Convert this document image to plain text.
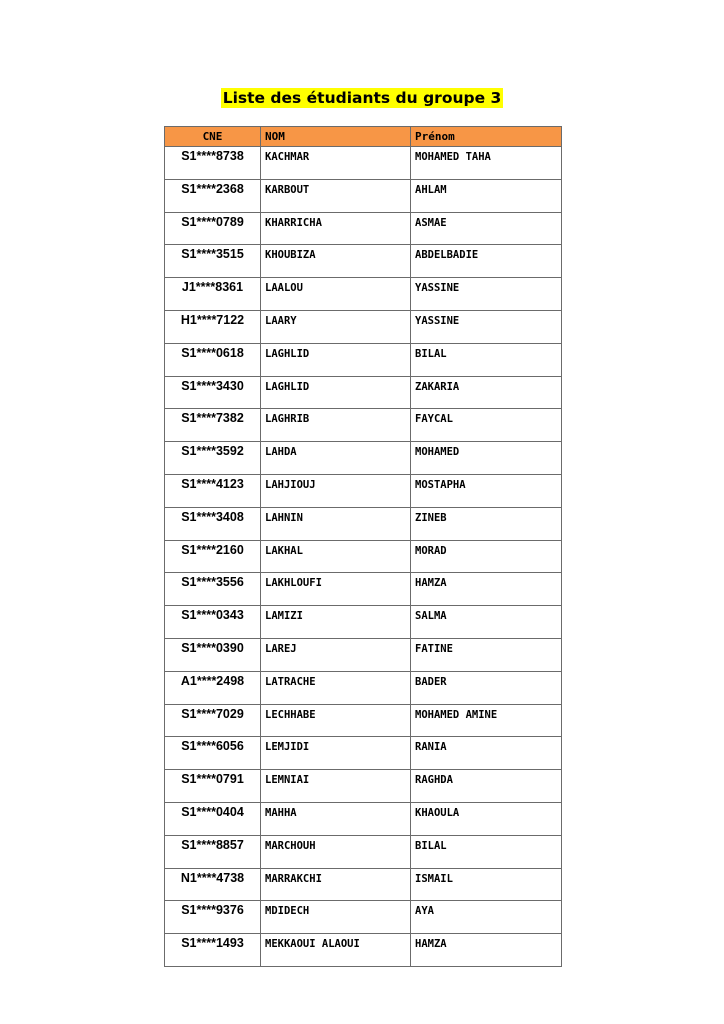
Liste des étudiants du groupe 3
CNE	NOM	Prénom
S1****8738	KACHMAR	MOHAMED TAHA
S1****2368	KARBOUT	AHLAM
S1****0789	KHARRICHA	ASMAE
S1****3515	KHOUBIZA	ABDELBADIE
J1****8361	LAALOU	YASSINE
H1****7122	LAARY	YASSINE
S1****0618	LAGHLID	BILAL
S1****3430	LAGHLID	ZAKARIA
S1****7382	LAGHRIB	FAYCAL
S1****3592	LAHDA	MOHAMED
S1****4123	LAHJIOUJ	MOSTAPHA
S1****3408	LAHNIN	ZINEB
S1****2160	LAKHAL	MORAD
S1****3556	LAKHLOUFI	HAMZA
S1****0343	LAMIZI	SALMA
S1****0390	LAREJ	FATINE
A1****2498	LATRACHE	BADER
S1****7029	LECHHABE	MOHAMED AMINE
S1****6056	LEMJIDI	RANIA
S1****0791	LEMNIAI	RAGHDA
S1****0404	MAHHA	KHAOULA
S1****8857	MARCHOUH	BILAL
N1****4738	MARRAKCHI	ISMAIL
S1****9376	MDIDECH	AYA
S1****1493	MEKKAOUI ALAOUI	HAMZA
